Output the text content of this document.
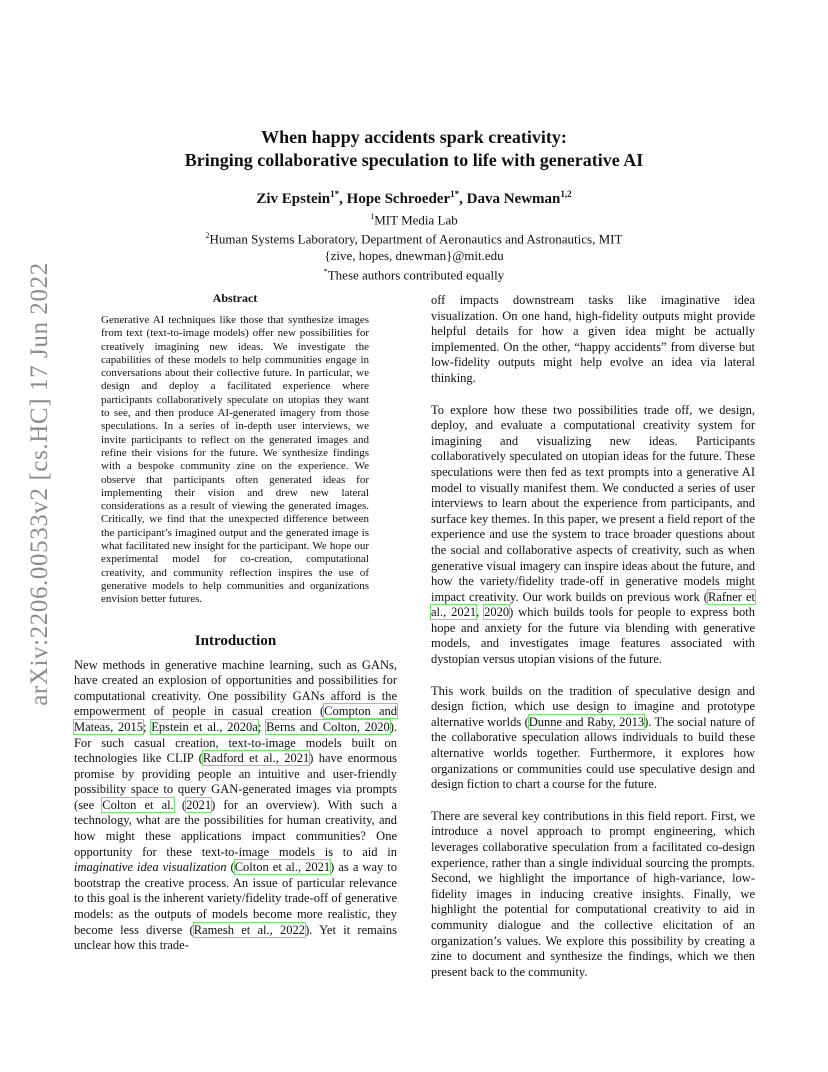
arXiv:2206.00533v2 [cs.HC] 17 Jun 2022
When happy accidents spark creativity:
Bringing collaborative speculation to life with generative AI
Ziv Epstein$^{1*}$, Hope Schroeder$^{1*}$, Dava Newman$^{1,2}$
$^1$MIT Media Lab
$^2$Human Systems Laboratory, Department of Aeronautics and Astronautics, MIT
{zive, hopes, dnewman}@mit.edu
*These authors contributed equally
Abstract

Generative AI techniques like those that synthesize images from text (text-to-image models) offer new possibilities for creatively imagining new ideas. We investigate the capabilities of these models to help communities engage in conversations about their collective future. In particular, we design and deploy a facilitated experience where participants collaboratively speculate on utopias they want to see, and then produce AI-generated imagery from those speculations. In a series of in-depth user interviews, we invite participants to reflect on the generated images and refine their visions for the future. We synthesize findings with a bespoke community zine on the experience. We observe that participants often generated ideas for implementing their vision and drew new lateral considerations as a result of viewing the generated images. Critically, we find that the unexpected difference between the participant’s imagined output and the generated image is what facilitated new insight for the participant. We hope our experimental model for co-creation, computational creativity, and community reflection inspires the use of generative models to help communities and organizations envision better futures.

Introduction

New methods in generative machine learning, such as GANs, have created an explosion of opportunities and possibilities for computational creativity. One possibility GANs afford is the empowerment of people in casual creation (Compton and Mateas, 2015; Epstein et al., 2020a; Berns and Colton, 2020). For such casual creation, text-to-image models built on technologies like CLIP (Radford et al., 2021) have enormous promise by providing people an intuitive and user-friendly possibility space to query GAN-generated images via prompts (see Colton et al. (2021) for an overview). With such a technology, what are the possibilities for human creativity, and how might these applications impact communities? One opportunity for these text-to-image models is to aid in imaginative idea visualization (Colton et al., 2021) as a way to bootstrap the creative process. An issue of particular relevance to this goal is the inherent variety/fidelity trade-off of generative models: as the outputs of models become more realistic, they become less diverse (Ramesh et al., 2022). Yet it remains unclear how this trade-

off impacts downstream tasks like imaginative idea visualization. On one hand, high-fidelity outputs might provide helpful details for how a given idea might be actually implemented. On the other, “happy accidents” from diverse but low-fidelity outputs might help evolve an idea via lateral thinking.

To explore how these two possibilities trade off, we design, deploy, and evaluate a computational creativity system for imagining and visualizing new ideas. Participants collaboratively speculated on utopian ideas for the future. These speculations were then fed as text prompts into a generative AI model to visually manifest them. We conducted a series of user interviews to learn about the experience from participants, and surface key themes. In this paper, we present a field report of the experience and use the system to trace broader questions about the social and collaborative aspects of creativity, such as when generative visual imagery can inspire ideas about the future, and how the variety/fidelity trade-off in generative models might impact creativity. Our work builds on previous work (Rafner et al., 2021, 2020) which builds tools for people to express both hope and anxiety for the future via blending with generative models, and investigates image features associated with dystopian versus utopian visions of the future.

This work builds on the tradition of speculative design and design fiction, which use design to imagine and prototype alternative worlds (Dunne and Raby, 2013). The social nature of the collaborative speculation allows individuals to build these alternative worlds together. Furthermore, it explores how organizations or communities could use speculative design and design fiction to chart a course for the future.

There are several key contributions in this field report. First, we introduce a novel approach to prompt engineering, which leverages collaborative speculation from a facilitated co-design experience, rather than a single individual sourcing the prompts. Second, we highlight the importance of high-variance, low-fidelity images in inducing creative insights. Finally, we highlight the potential for computational creativity to aid in community dialogue and the collective elicitation of an organization’s values. We explore this possibility by creating a zine to document and synthesize the findings, which we then present back to the community.
